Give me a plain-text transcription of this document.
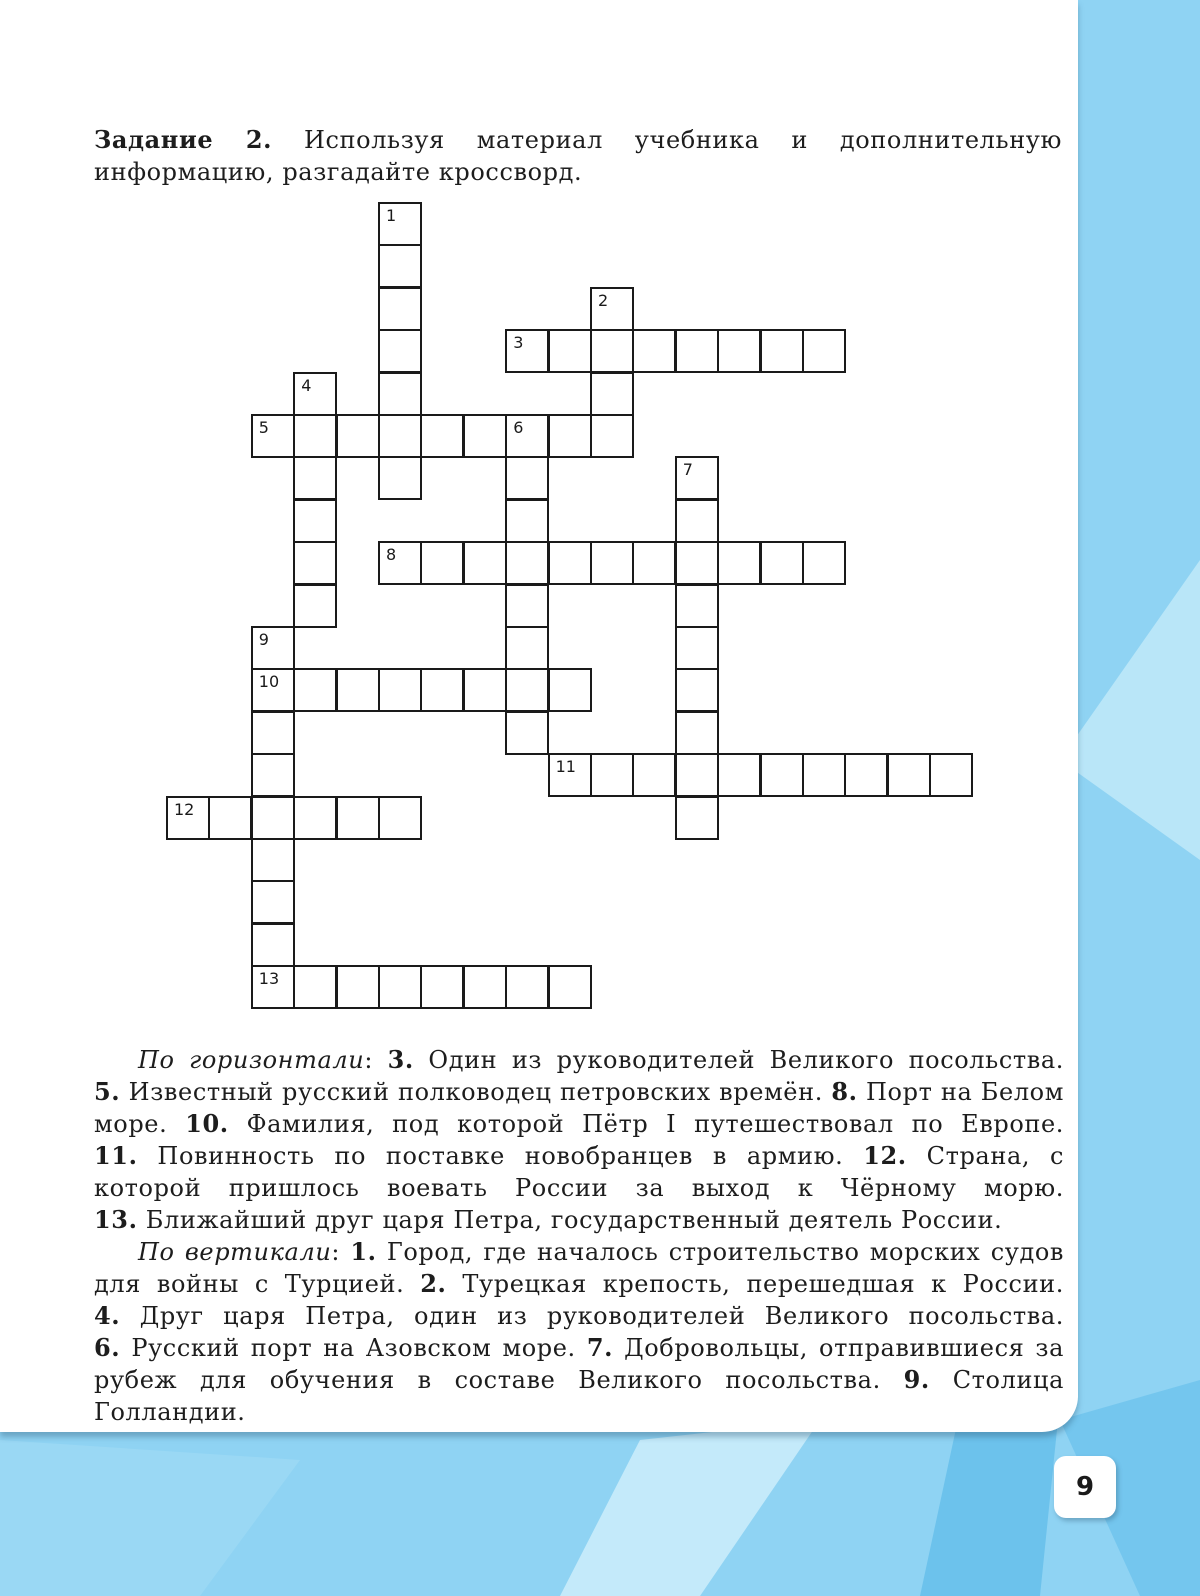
Задание 2. Используя материал учебника и дополнительную информацию, разгадайте кроссворд.
1
2
3
4
5	6
7
8
9
10
13
11
12

По горизонтали: 3. Один из руководителей Великого посольства. 5. Известный русский полководец петровских времён. 8. Порт на Белом море. 10. Фамилия, под которой Пётр I путешествовал по Европе. 11. Повинность по поставке новобранцев в армию. 12. Страна, с которой пришлось воевать России за выход к Чёрному морю. 13. Ближайший друг царя Петра, государственный деятель России.

По вертикали: 1. Город, где началось строительство морских судов для войны с Турцией. 2. Турецкая крепость, перешедшая к России. 4. Друг царя Петра, один из руководителей Великого посольства. 6. Русский порт на Азовском море. 7. Добровольцы, отправившиеся за рубеж для обучения в составе Великого посольства. 9. Столица Голландии.

9
